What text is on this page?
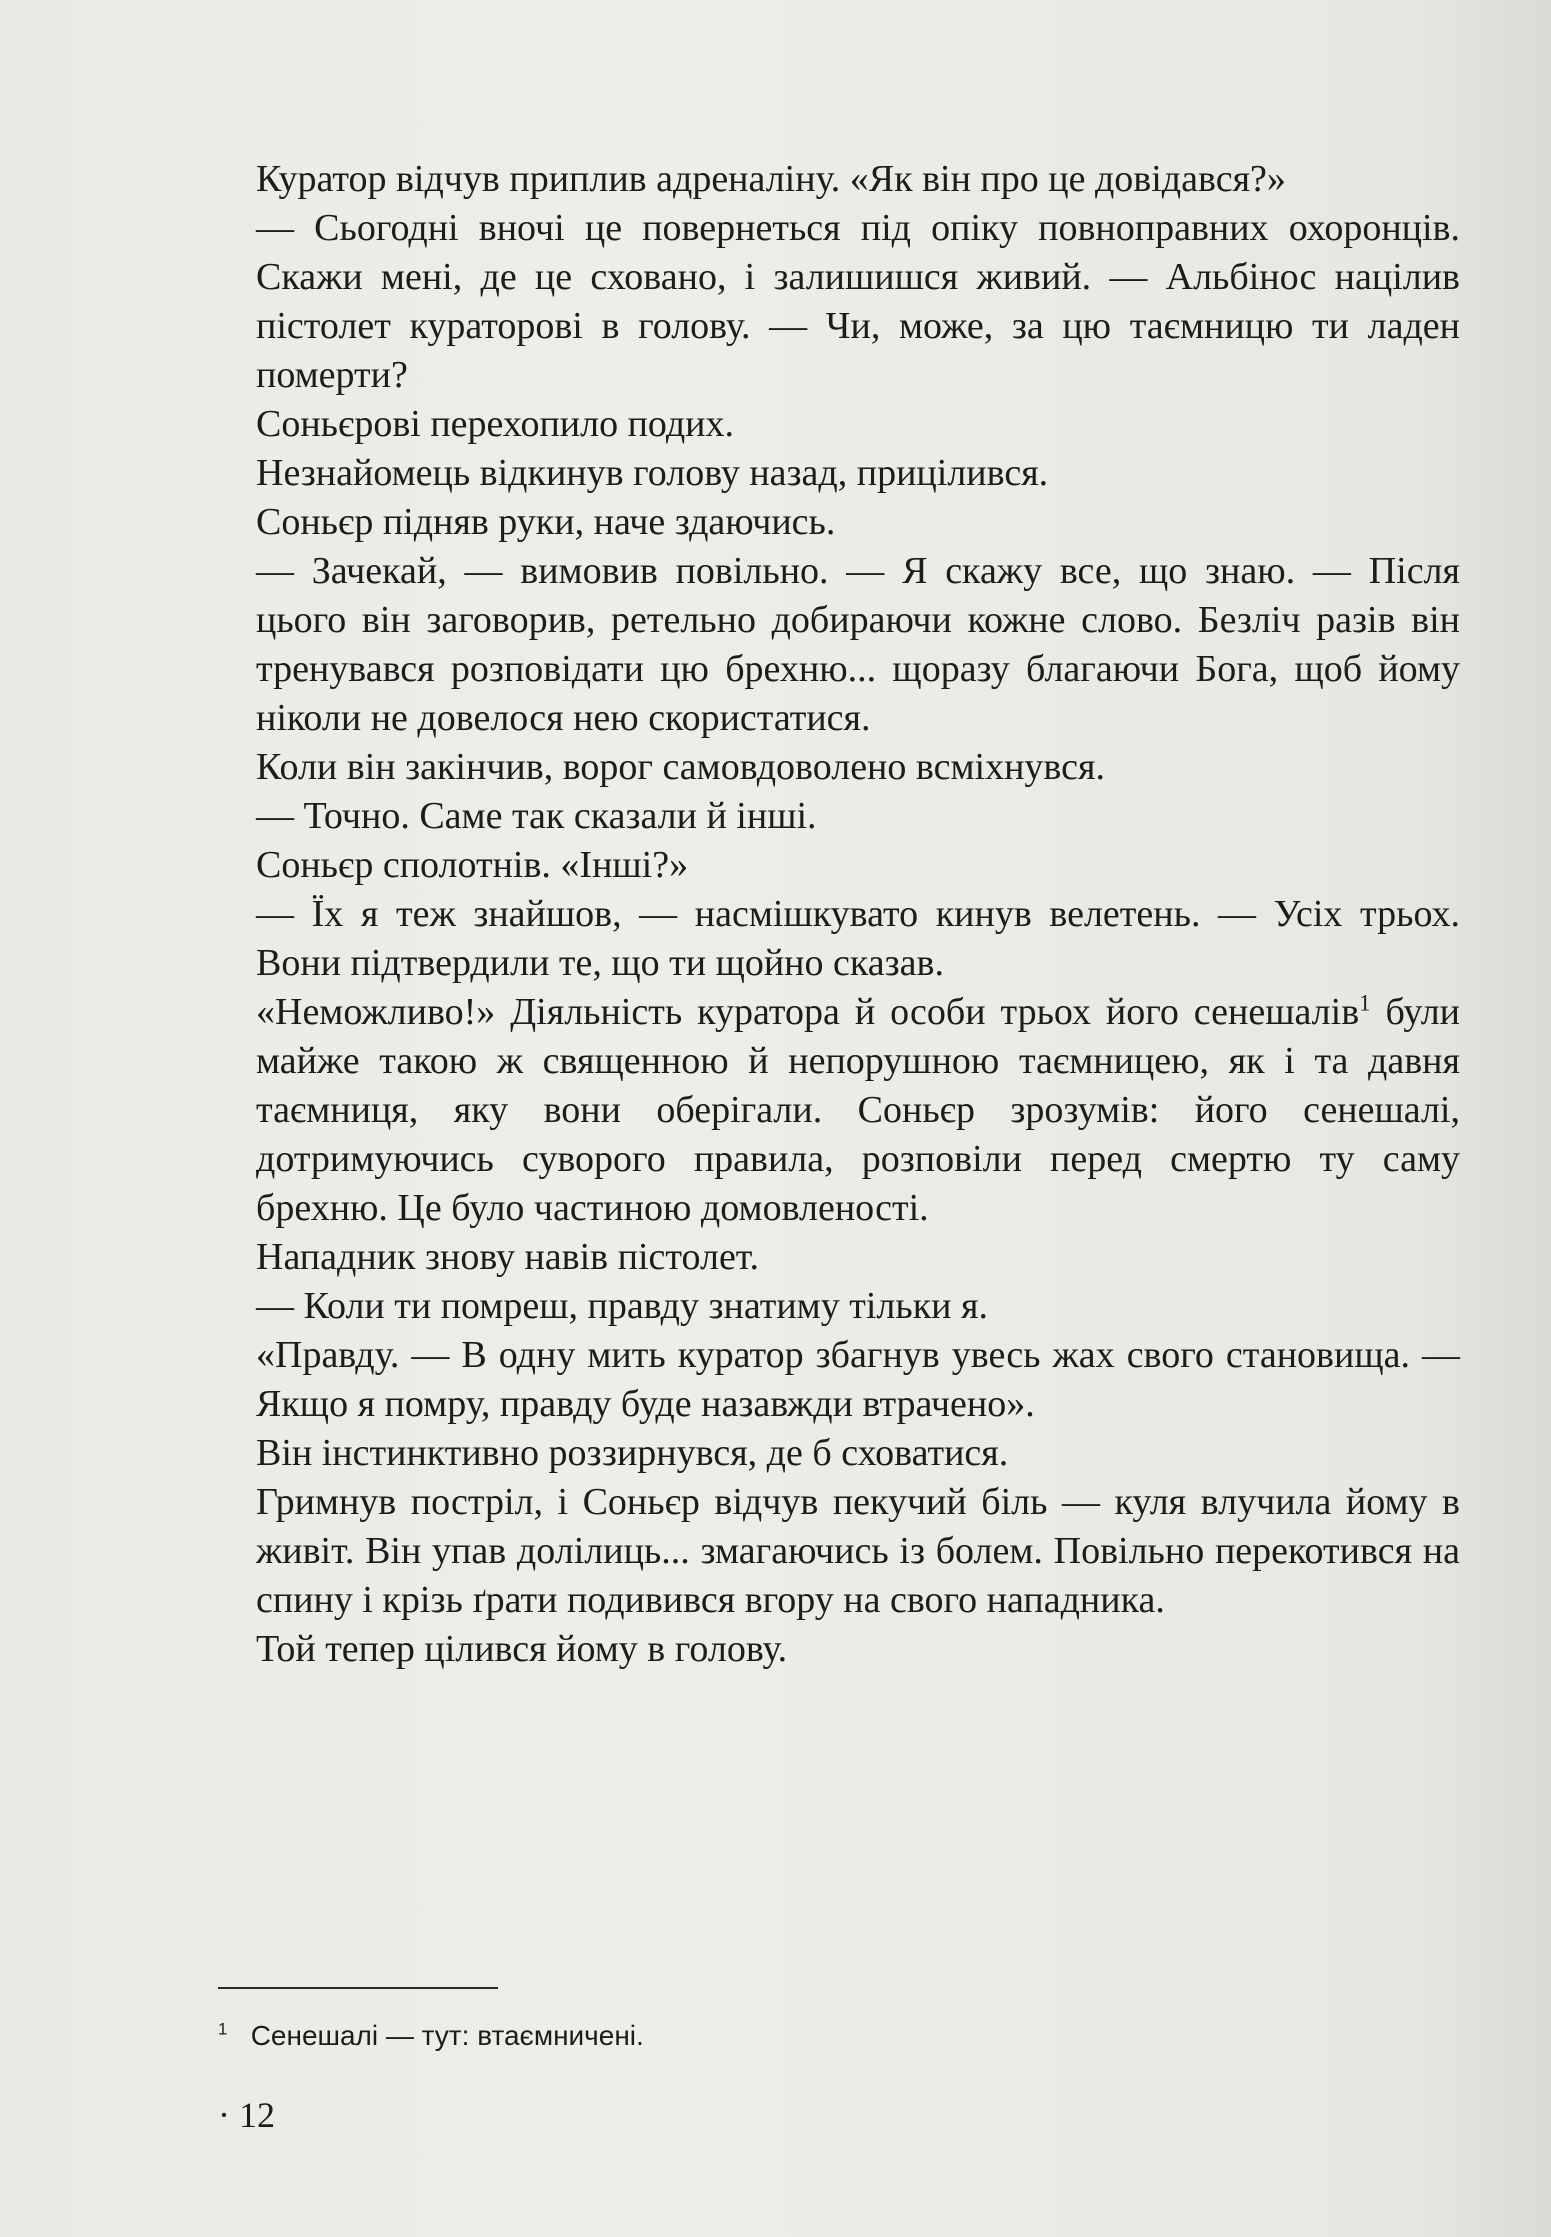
Куратор відчув приплив адреналіну. «Як він про це довідався?»

— Сьогодні вночі це повернеться під опіку повноправних охоронців. Скажи мені, де це сховано, і залишишся живий. — Альбінос націлив пістолет кураторові в голову. — Чи, може, за цю таємницю ти ладен померти?

Соньєрові перехопило подих.

Незнайомець відкинув голову назад, прицілився.

Соньєр підняв руки, наче здаючись.

— Зачекай, — вимовив повільно. — Я скажу все, що знаю. — Після цього він заговорив, ретельно добираючи кожне слово. Безліч разів він тренувався розповідати цю брехню... щоразу благаючи Бога, щоб йому ніколи не довелося нею скористатися.

Коли він закінчив, ворог самовдоволено всміхнувся.

— Точно. Саме так сказали й інші.

Соньєр сполотнів. «Інші?»

— Їх я теж знайшов, — насмішкувато кинув велетень. — Усіх трьох. Вони підтвердили те, що ти щойно сказав.

«Неможливо!» Діяльність куратора й особи трьох його сенешалів$^1$ були майже такою ж священною й непорушною таємницею, як і та давня таємниця, яку вони оберігали. Соньєр зрозумів: його сенешалі, дотримуючись суворого правила, розповіли перед смертю ту саму брехню. Це було частиною домовленості.

Нападник знову навів пістолет.

— Коли ти помреш, правду знатиму тільки я.

«Правду. — В одну мить куратор збагнув увесь жах свого становища. — Якщо я помру, правду буде назавжди втрачено».

Він інстинктивно роззирнувся, де б сховатися.

Гримнув постріл, і Соньєр відчув пекучий біль — куля влучила йому в живіт. Він упав долілиць... змагаючись із болем. Повільно перекотився на спину і крізь ґрати подивився вгору на свого нападника.

Той тепер цілився йому в голову.

$^1$ Сенешалі — тут: втаємничені.
· 12
